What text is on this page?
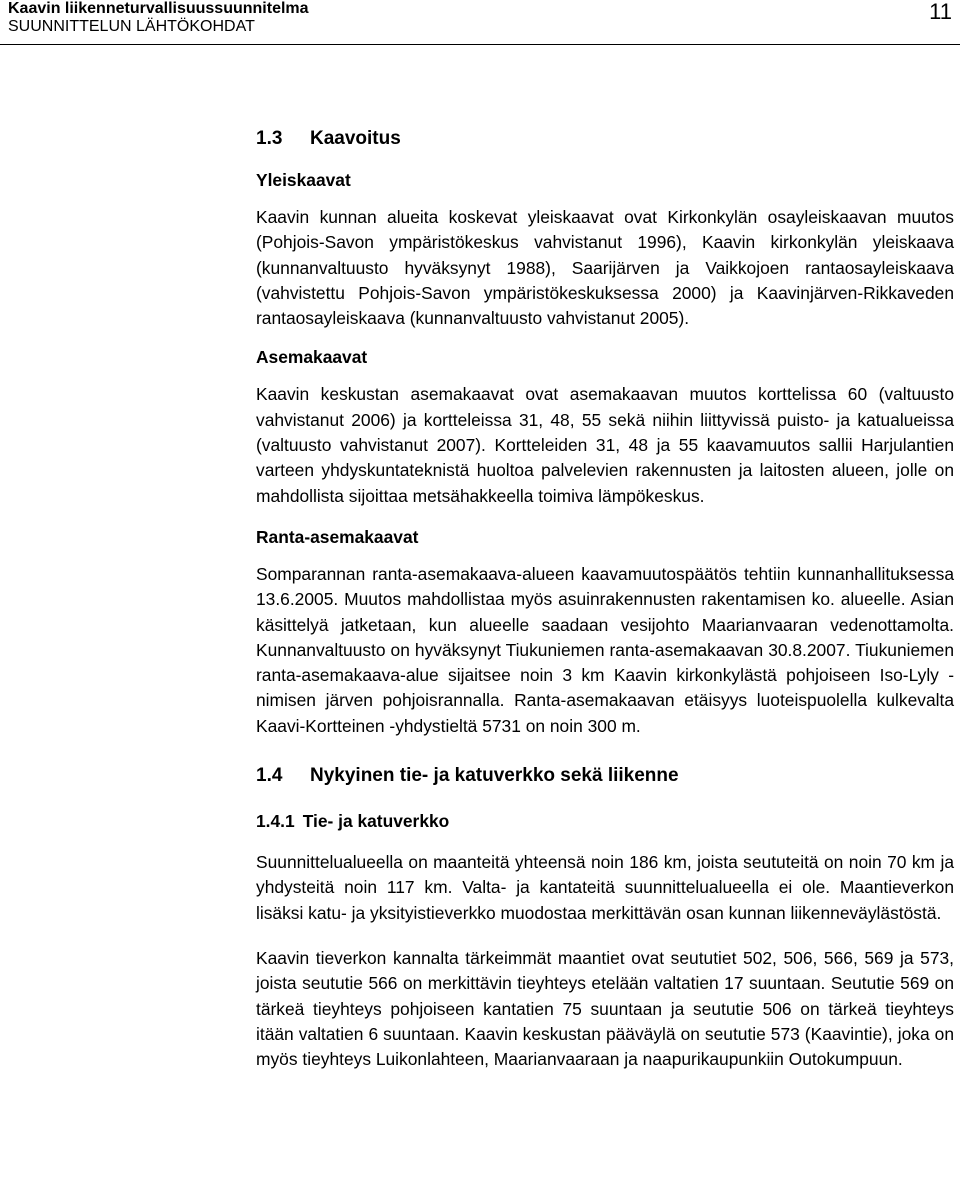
Kaavin liikenneturvallisuussuunnitelma
SUUNNITTELUN LÄHTÖKOHDAT
11
1.3 Kaavoitus
Yleiskaavat

Kaavin kunnan alueita koskevat yleiskaavat ovat Kirkonkylän osayleiskaavan muutos (Pohjois-Savon ympäristökeskus vahvistanut 1996), Kaavin kirkonkylän yleiskaava (kunnanvaltuusto hyväksynyt 1988), Saarijärven ja Vaikkojoen rantaosayleiskaava (vahvistettu Pohjois-Savon ympäristökeskuksessa 2000) ja Kaavinjärven-Rikkaveden rantaosayleiskaava (kunnanvaltuusto vahvistanut 2005).

Asemakaavat

Kaavin keskustan asemakaavat ovat asemakaavan muutos korttelissa 60 (valtuusto vahvistanut 2006) ja kortteleissa 31, 48, 55 sekä niihin liittyvissä puisto- ja katualueissa (valtuusto vahvistanut 2007). Kortteleiden 31, 48 ja 55 kaavamuutos sallii Harjulantien varteen yhdyskuntateknistä huoltoa palvelevien rakennusten ja laitosten alueen, jolle on mahdollista sijoittaa metsähakkeella toimiva lämpökeskus.

Ranta-asemakaavat

Somparannan ranta-asemakaava-alueen kaavamuutospäätös tehtiin kunnanhallituksessa 13.6.2005. Muutos mahdollistaa myös asuinrakennusten rakentamisen ko. alueelle. Asian käsittelyä jatketaan, kun alueelle saadaan vesijohto Maarianvaaran vedenottamolta. Kunnanvaltuusto on hyväksynyt Tiukuniemen ranta-asemakaavan 30.8.2007. Tiukuniemen ranta-asemakaava-alue sijaitsee noin 3 km Kaavin kirkonkylästä pohjoiseen Iso-Lyly -nimisen järven pohjoisrannalla. Ranta-asemakaavan etäisyys luoteispuolella kulkevalta Kaavi-Kortteinen -yhdystieltä 5731 on noin 300 m.

1.4 Nykyinen tie- ja katuverkko sekä liikenne
1.4.1 Tie- ja katuverkko

Suunnittelualueella on maanteitä yhteensä noin 186 km, joista seututeitä on noin 70 km ja yhdysteitä noin 117 km. Valta- ja kantateitä suunnittelualueella ei ole. Maantieverkon lisäksi katu- ja yksityistieverkko muodostaa merkittävän osan kunnan liikenneväylästöstä.

Kaavin tieverkon kannalta tärkeimmät maantiet ovat seututiet 502, 506, 566, 569 ja 573, joista seututie 566 on merkittävin tieyhteys etelään valtatien 17 suuntaan. Seututie 569 on tärkeä tieyhteys pohjoiseen kantatien 75 suuntaan ja seututie 506 on tärkeä tieyhteys itään valtatien 6 suuntaan. Kaavin keskustan pääväylä on seututie 573 (Kaavintie), joka on myös tieyhteys Luikonlahteen, Maarianvaaraan ja naapurikaupunkiin Outokumpuun.
